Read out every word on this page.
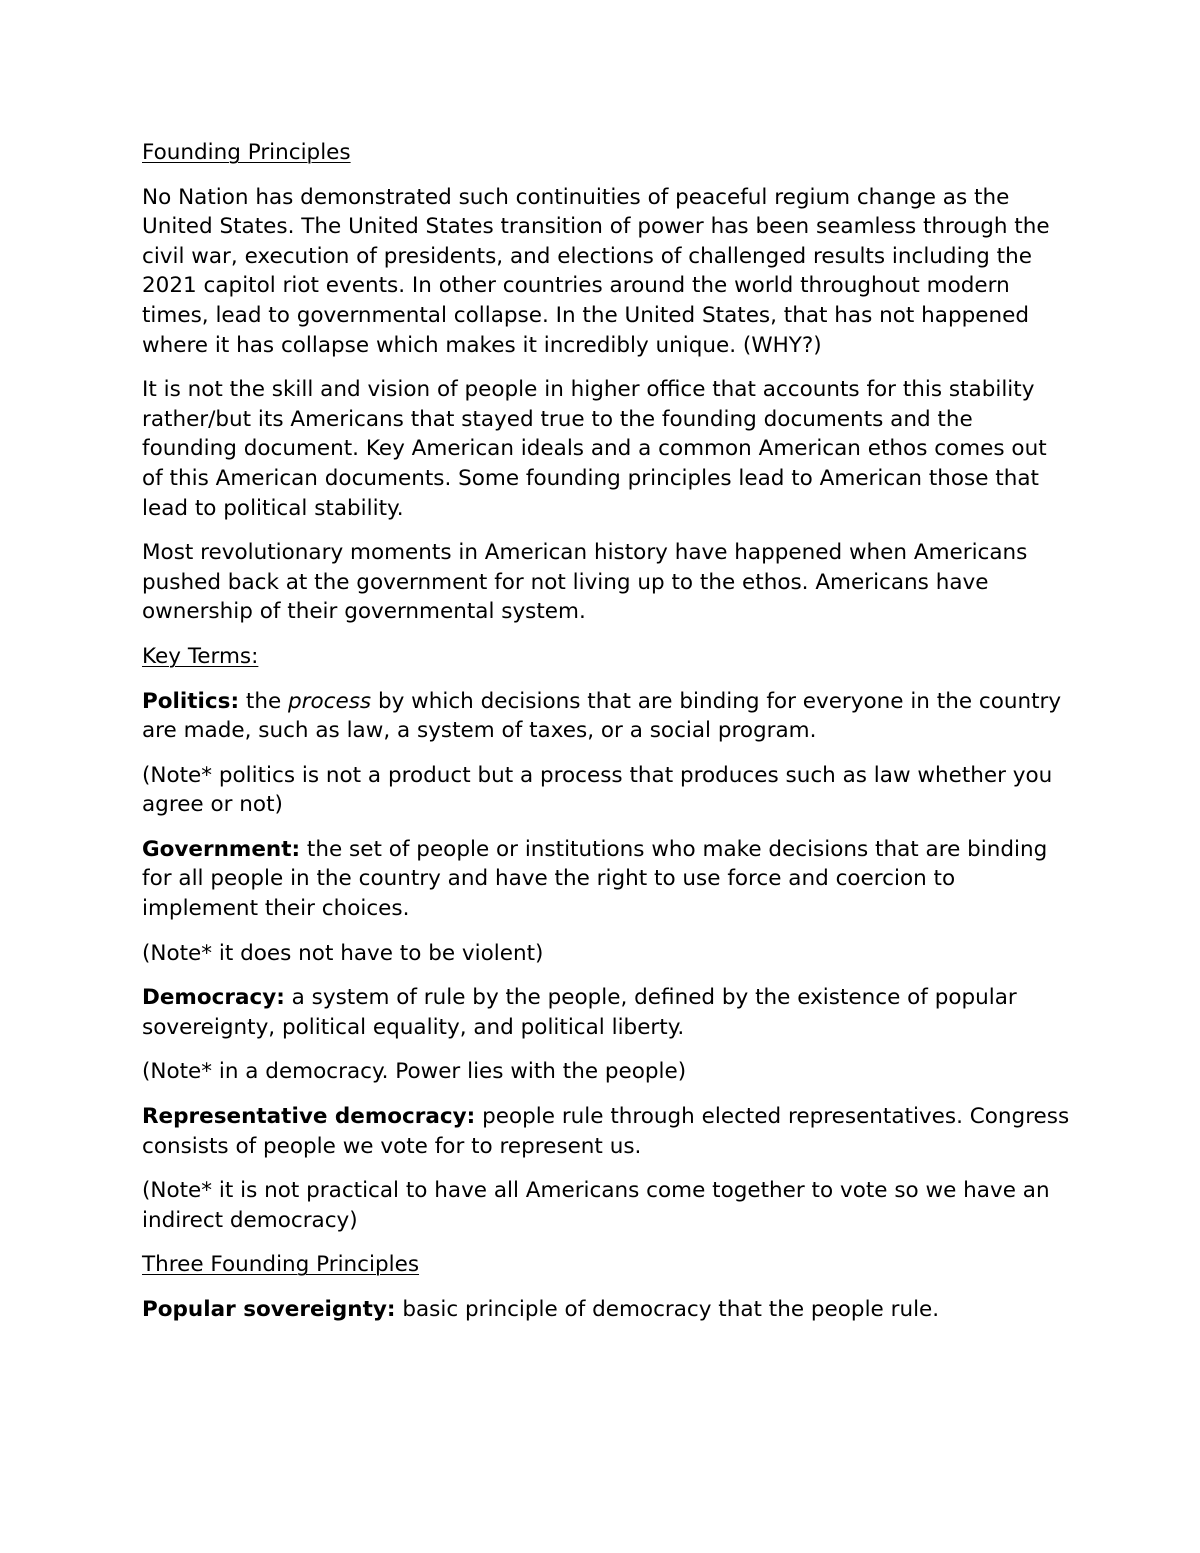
Founding Principles

No Nation has demonstrated such continuities of peaceful regium change as the United States. The United States transition of power has been seamless through the civil war, execution of presidents, and elections of challenged results including the 2021 capitol riot events. In other countries around the world throughout modern times, lead to governmental collapse. In the United States, that has not happened where it has collapse which makes it incredibly unique. (WHY?)

It is not the skill and vision of people in higher office that accounts for this stability rather/but its Americans that stayed true to the founding documents and the founding document. Key American ideals and a common American ethos comes out of this American documents. Some founding principles lead to American those that lead to political stability.

Most revolutionary moments in American history have happened when Americans pushed back at the government for not living up to the ethos. Americans have ownership of their governmental system.

Key Terms:

Politics: the process by which decisions that are binding for everyone in the country are made, such as law, a system of taxes, or a social program.

(Note* politics is not a product but a process that produces such as law whether you agree or not)

Government: the set of people or institutions who make decisions that are binding for all people in the country and have the right to use force and coercion to implement their choices.

(Note* it does not have to be violent)

Democracy: a system of rule by the people, defined by the existence of popular sovereignty, political equality, and political liberty.

(Note* in a democracy. Power lies with the people)

Representative democracy: people rule through elected representatives. Congress consists of people we vote for to represent us.

(Note* it is not practical to have all Americans come together to vote so we have an indirect democracy)

Three Founding Principles

Popular sovereignty: basic principle of democracy that the people rule.
